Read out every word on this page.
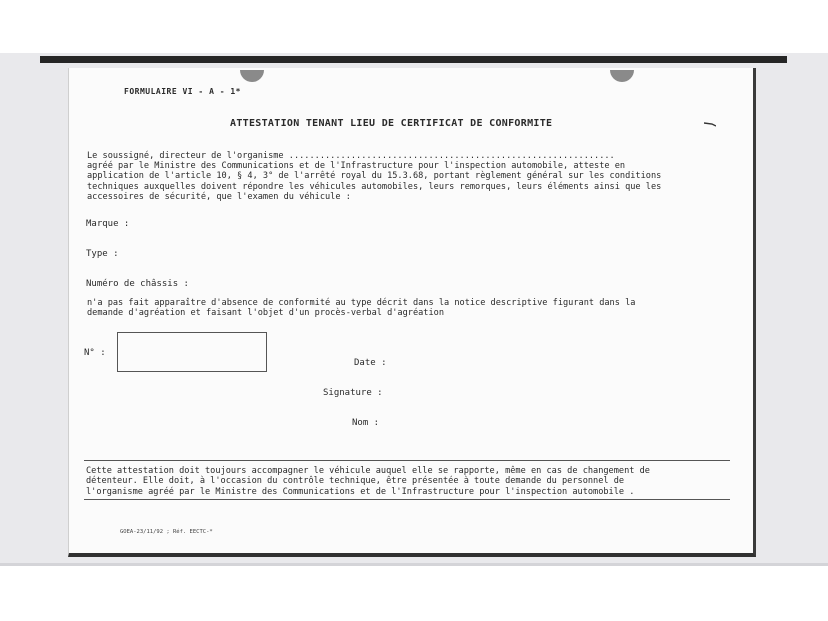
FORMULAIRE VI - A - 1*
ATTESTATION TENANT LIEU DE CERTIFICAT DE CONFORMITE
Le soussigné, directeur de l'organisme ...............................................................
agréé par le Ministre des Communications et de l'Infrastructure pour l'inspection automobile, atteste en
application de l'article 10, § 4, 3° de l'arrêté royal du 15.3.68, portant règlement général sur les conditions
techniques auxquelles doivent répondre les véhicules automobiles, leurs remorques, leurs éléments ainsi que les
accessoires de sécurité, que l'examen du véhicule :
Marque :
Type :
Numéro de châssis :
n'a pas fait apparaître d'absence de conformité au type décrit dans la notice descriptive figurant dans la
demande d'agréation et faisant l'objet d'un procès-verbal d'agréation
N° :
Date :
Signature :
Nom :
Cette attestation doit toujours accompagner le véhicule auquel elle se rapporte, même en cas de changement de
détenteur. Elle doit, à l'occasion du contrôle technique, être présentée à toute demande du personnel de
l'organisme agréé par le Ministre des Communications et de l'Infrastructure pour l'inspection automobile .
GOEA-23/11/92 ; Réf. EECTC-*
